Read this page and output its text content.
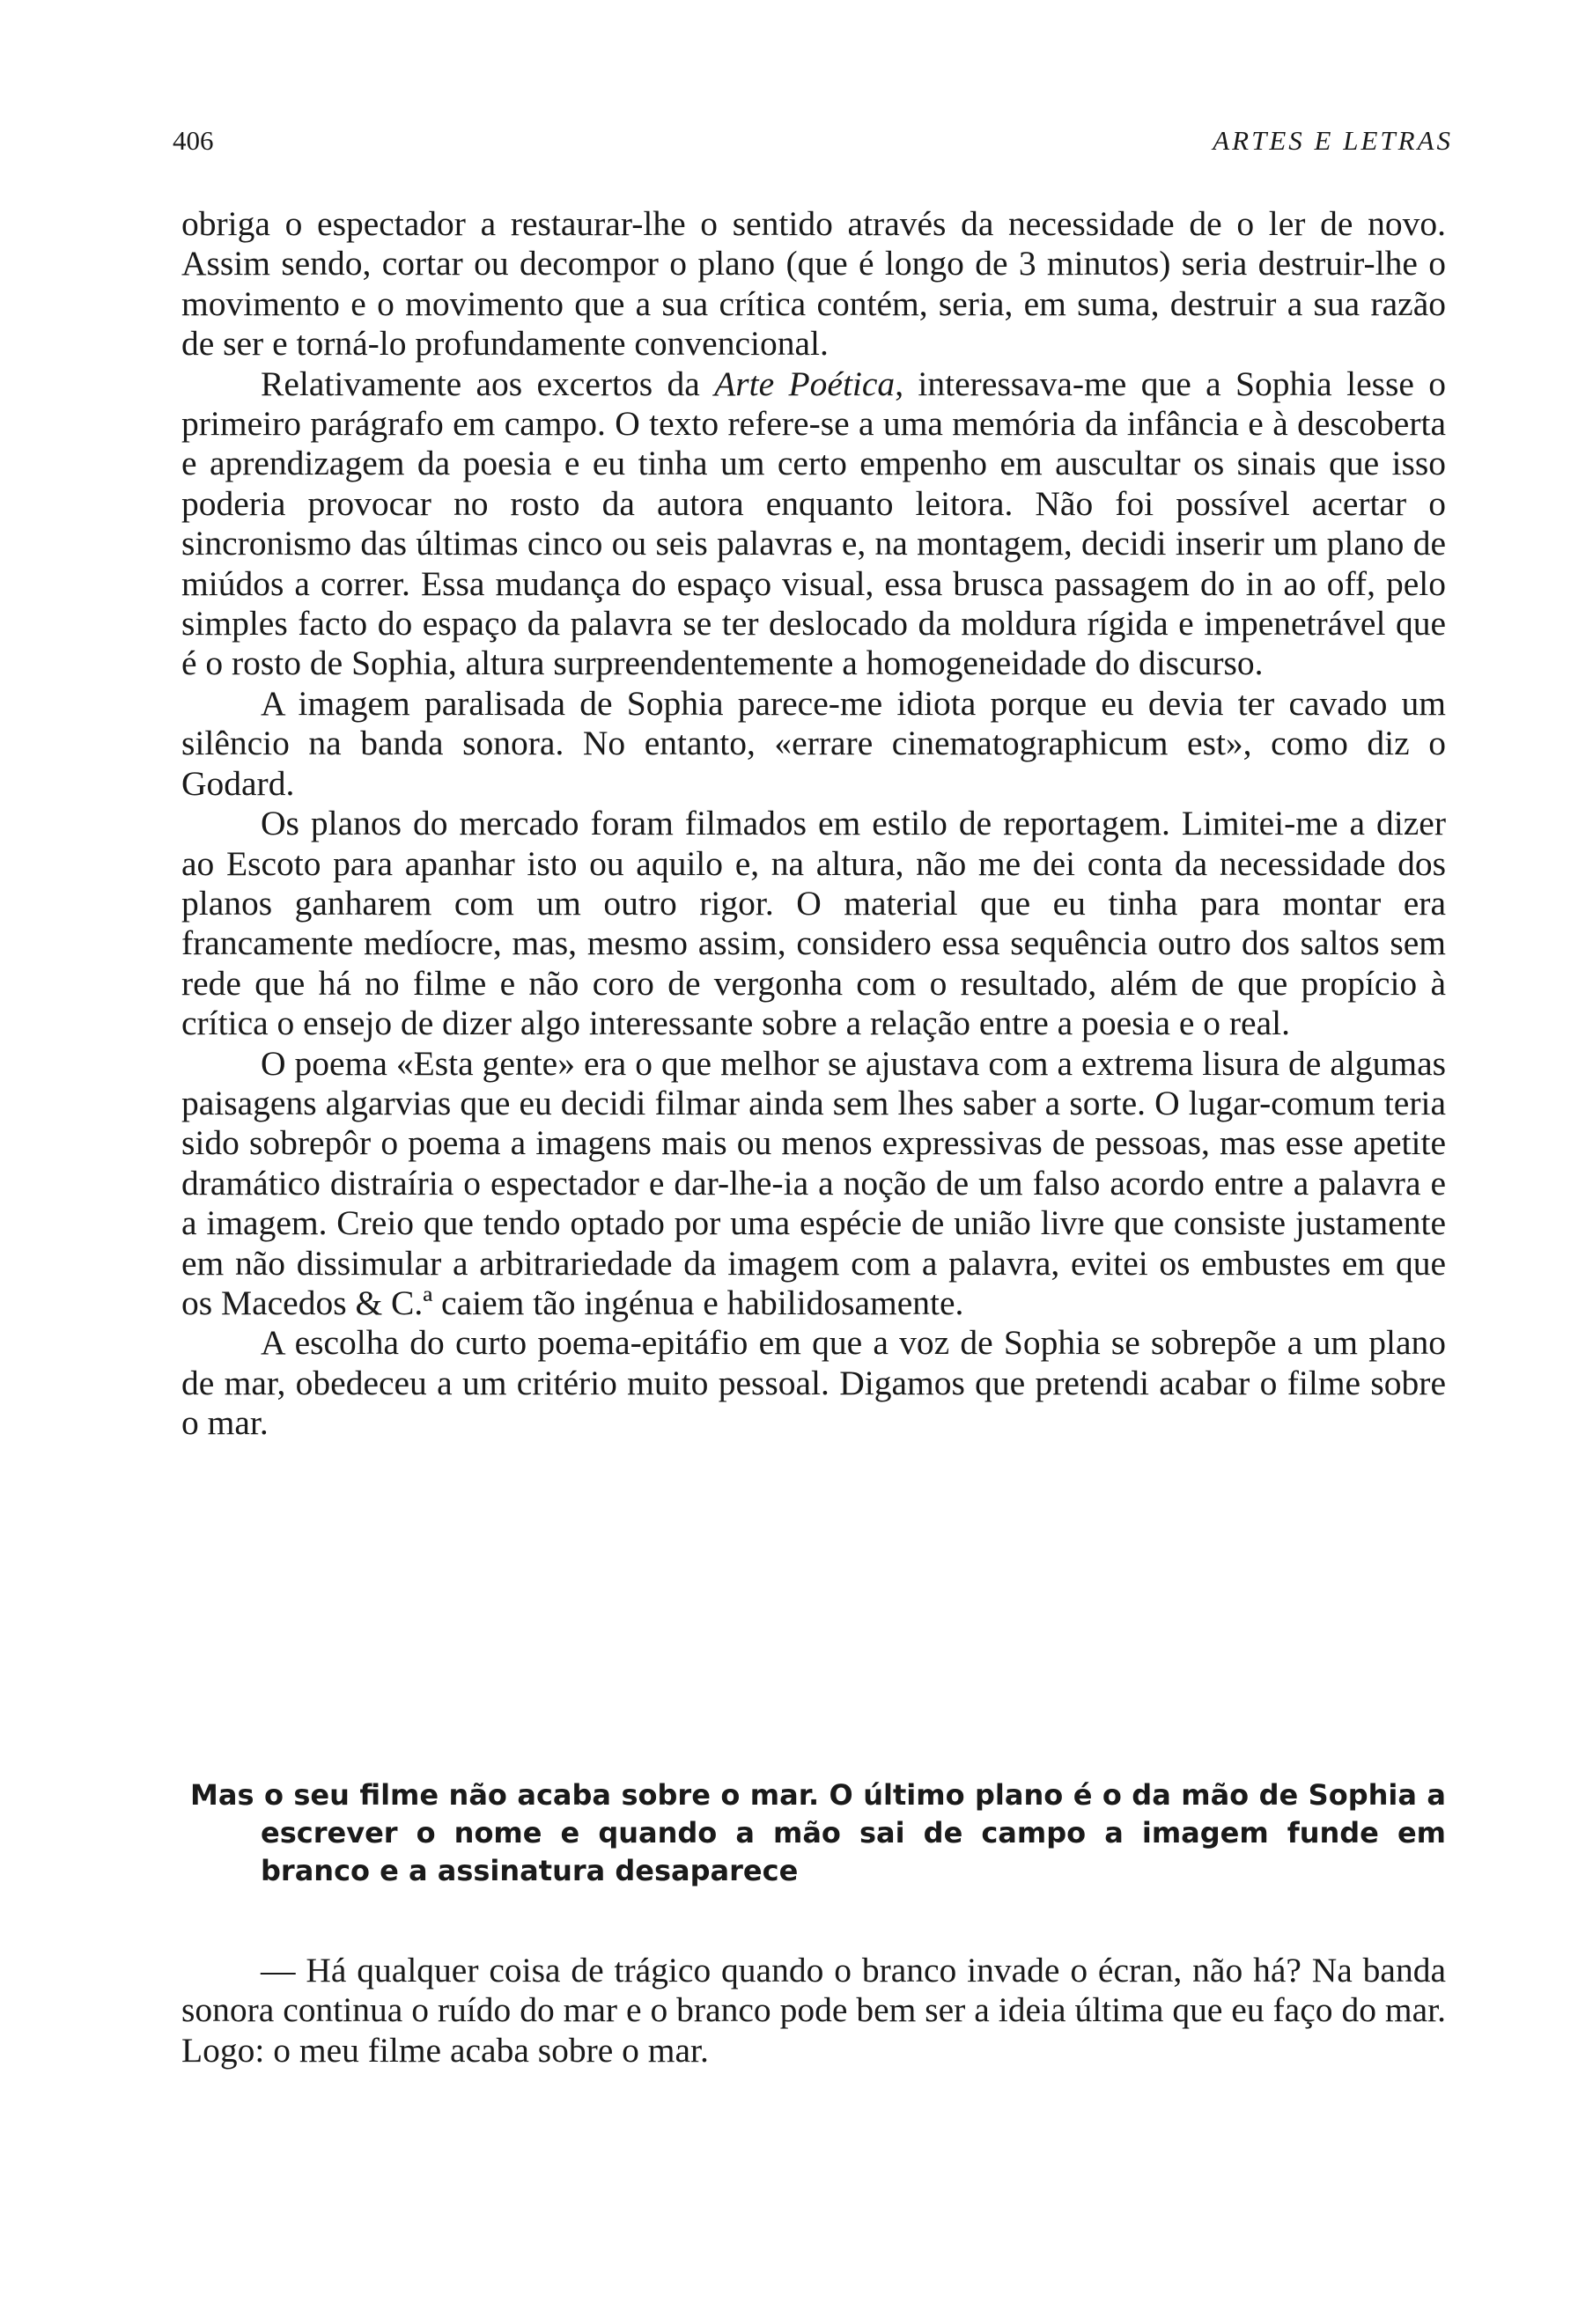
406	ARTES E LETRAS

obriga o espectador a restaurar-lhe o sentido através da necessidade de o ler de novo. Assim sendo, cortar ou decompor o plano (que é longo de 3 minutos) seria destruir-lhe o movimento e o movimento que a sua crítica contém, seria, em suma, destruir a sua razão de ser e torná-lo profundamente convencional.

Relativamente aos excertos da Arte Poética, interessava-me que a Sophia lesse o primeiro parágrafo em campo. O texto refere-se a uma memória da infância e à descoberta e aprendizagem da poesia e eu tinha um certo empenho em auscultar os sinais que isso poderia provocar no rosto da autora enquanto leitora. Não foi possível acertar o sincronismo das últimas cinco ou seis palavras e, na montagem, decidi inserir um plano de miúdos a correr. Essa mudança do espaço visual, essa brusca passagem do in ao off, pelo simples facto do espaço da palavra se ter deslocado da moldura rígida e impenetrável que é o rosto de Sophia, altura surpreendentemente a homogeneidade do discurso.

A imagem paralisada de Sophia parece-me idiota porque eu devia ter cavado um silêncio na banda sonora. No entanto, «errare cinematographicum est», como diz o Godard.

Os planos do mercado foram filmados em estilo de reportagem. Limitei-me a dizer ao Escoto para apanhar isto ou aquilo e, na altura, não me dei conta da necessidade dos planos ganharem com um outro rigor. O material que eu tinha para montar era francamente medíocre, mas, mesmo assim, considero essa sequência outro dos saltos sem rede que há no filme e não coro de vergonha com o resultado, além de que propício à crítica o ensejo de dizer algo interessante sobre a relação entre a poesia e o real.

O poema «Esta gente» era o que melhor se ajustava com a extrema lisura de algumas paisagens algarvias que eu decidi filmar ainda sem lhes saber a sorte. O lugar-comum teria sido sobrepôr o poema a imagens mais ou menos expressivas de pessoas, mas esse apetite dramático distraíria o espectador e dar-lhe-ia a noção de um falso acordo entre a palavra e a imagem. Creio que tendo optado por uma espécie de união livre que consiste justamente em não dissimular a arbitrariedade da imagem com a palavra, evitei os embustes em que os Macedos & C.ª caiem tão ingénua e habilidosamente.

A escolha do curto poema-epitáfio em que a voz de Sophia se sobrepõe a um plano de mar, obedeceu a um critério muito pessoal. Digamos que pretendi acabar o filme sobre o mar.

Mas o seu filme não acaba sobre o mar. O último plano é o da mão de Sophia a escrever o nome e quando a mão sai de campo a imagem funde em branco e a assinatura desaparece

— Há qualquer coisa de trágico quando o branco invade o écran, não há? Na banda sonora continua o ruído do mar e o branco pode bem ser a ideia última que eu faço do mar. Logo: o meu filme acaba sobre o mar.
